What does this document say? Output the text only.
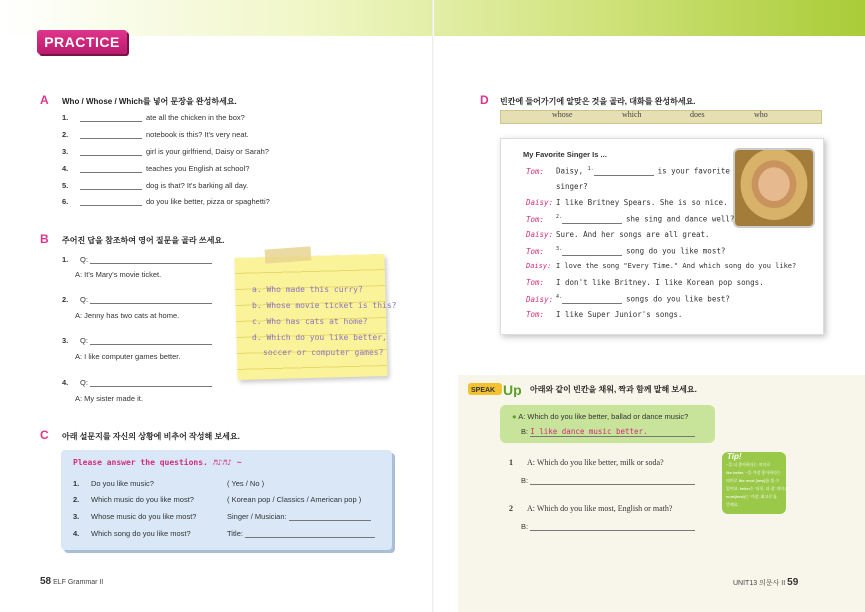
PRACTICE
A Who / Whose / Which를 넣어 문장을 완성하세요.
1.	ate all the chicken in the box?
2.	notebook is this? It's very neat.
3.	girl is your girlfriend, Daisy or Sarah?
4.	teaches you English at school?
5.	dog is that? It's barking all day.
6.	do you like better, pizza or spaghetti?
B 주어진 답을 참조하여 영어 질문을 골라 쓰세요.
1. Q:
A: It's Mary's movie ticket.
2. Q:
A: Jenny has two cats at home.
3. Q:
A: I like computer games better.
4. Q:
A: My sister made it.
a. Who made this curry?
b. Whose movie ticket is this?
c. Who has cats at home?
d. Which do you like better,
soccer or computer games?
C 아래 설문지를 자신의 상황에 비추어 작성해 보세요.
Please answer the questions. ♬♪♬♪ ~
1. Do you like music?	( Yes / No )
2. Which music do you like most?	( Korean pop / Classics / American pop )
3. Whose music do you like most?	Singer / Musician:
4. Which song do you like most?	Title:
D 빈칸에 들어가기에 알맞은 것을 골라, 대화를 완성하세요.
whose	which	does	who
My Favorite Singer Is ...
Tom: Daisy, $^{1.}$	is your favorite
singer?
Daisy: I like Britney Spears. She is so nice.
Tom: $^{2.}$	she sing and dance well?
Daisy: Sure. And her songs are all great.
Tom: $^{3.}$	song do you like most?
Daisy: I love the song "Every Time." And which song do you like?
Tom: I don't like Britney. I like Korean pop songs.
Daisy: $^{4.}$	songs do you like best?
Tom: I like Super Junior's songs.
SPEAK Up 아래와 같이 빈칸을 채워, 짝과 함께 말해 보세요.
● A: Which do you like better, ballad or dance music?
B: I like dance music better.
1 A: Which do you like better, milk or soda?
B:
2 A: Which do you like most, English or math?
B:
Tip!
~을 더 좋아하다는 의미로
like better, ~을 가장 좋아하다는
의미로 like most [best]를 쓸 수
있어요. better는 '더욱, 더 잘' 의미고
most(best)는 '가장, 최고로'를
뜻해요.
58 ELF Grammar II	UNIT13 의문사 II 59
